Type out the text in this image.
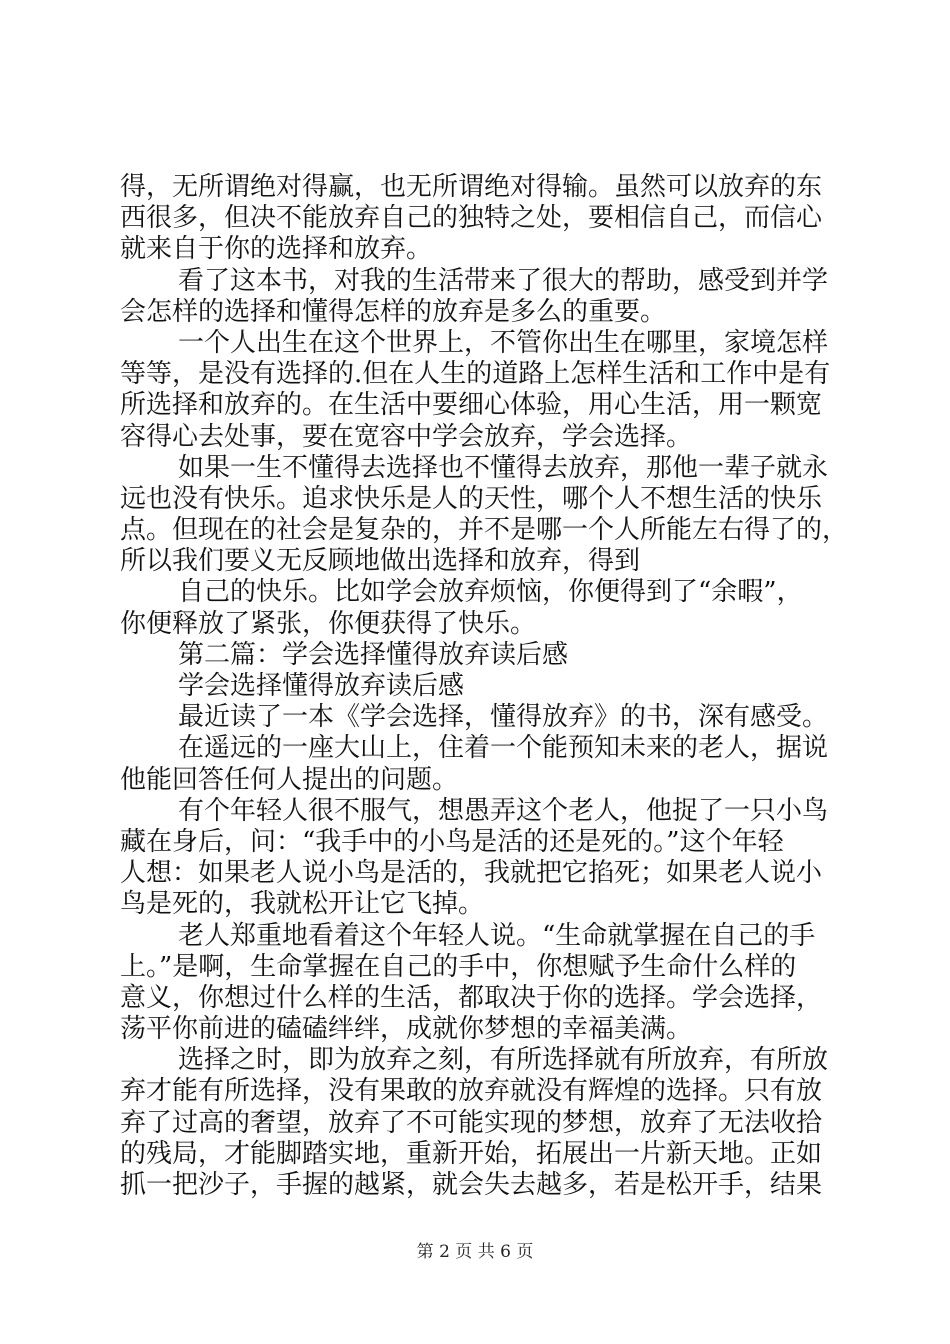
得，无所谓绝对得赢，也无所谓绝对得输。虽然可以放弃的东
西很多，但决不能放弃自己的独特之处，要相信自己，而信心
就来自于你的选择和放弃。
看了这本书，对我的生活带来了很大的帮助，感受到并学
会怎样的选择和懂得怎样的放弃是多么的重要。
一个人出生在这个世界上，不管你出生在哪里，家境怎样
等等，是没有选择的.但在人生的道路上怎样生活和工作中是有
所选择和放弃的。在生活中要细心体验，用心生活，用一颗宽
容得心去处事，要在宽容中学会放弃，学会选择。
如果一生不懂得去选择也不懂得去放弃，那他一辈子就永
远也没有快乐。追求快乐是人的天性，哪个人不想生活的快乐
点。但现在的社会是复杂的，并不是哪一个人所能左右得了的，
所以我们要义无反顾地做出选择和放弃，得到
自己的快乐。比如学会放弃烦恼，你便得到了“余暇”，
你便释放了紧张，你便获得了快乐。
第二篇：学会选择懂得放弃读后感
学会选择懂得放弃读后感
最近读了一本《学会选择，懂得放弃》的书，深有感受。
在遥远的一座大山上，住着一个能预知未来的老人，据说
他能回答任何人提出的问题。
有个年轻人很不服气，想愚弄这个老人，他捉了一只小鸟
藏在身后，问：“我手中的小鸟是活的还是死的。”这个年轻
人想：如果老人说小鸟是活的，我就把它掐死；如果老人说小
鸟是死的，我就松开让它飞掉。
老人郑重地看着这个年轻人说。“生命就掌握在自己的手
上。”是啊，生命掌握在自己的手中，你想赋予生命什么样的
意义，你想过什么样的生活，都取决于你的选择。学会选择，
荡平你前进的磕磕绊绊，成就你梦想的幸福美满。
选择之时，即为放弃之刻，有所选择就有所放弃，有所放
弃才能有所选择，没有果敢的放弃就没有辉煌的选择。只有放
弃了过高的奢望，放弃了不可能实现的梦想，放弃了无法收拾
的残局，才能脚踏实地，重新开始，拓展出一片新天地。正如
抓一把沙子，手握的越紧，就会失去越多，若是松开手，结果
第 2 页 共 6 页
